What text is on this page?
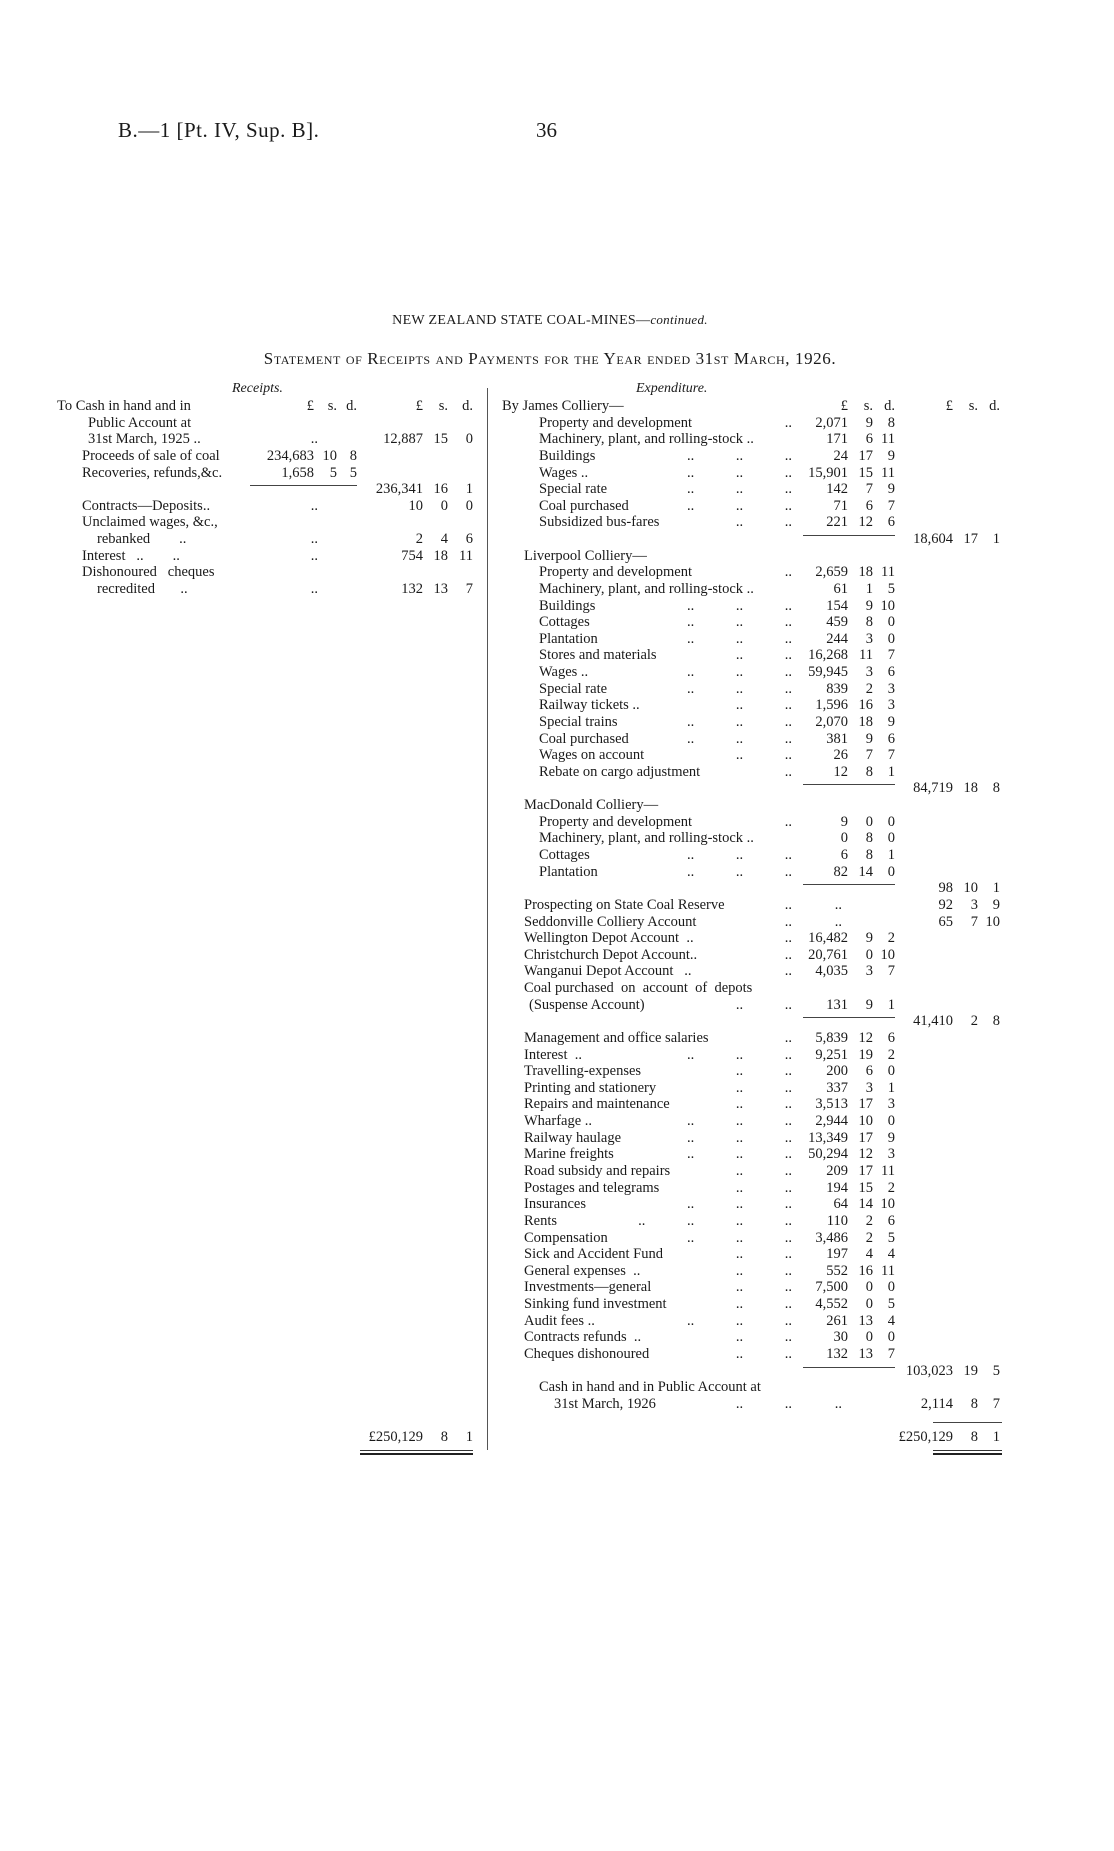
B.—1 [Pt. IV, Sup. B].	36
NEW ZEALAND STATE COAL-MINES—continued.
Statement of Receipts and Payments for the Year ended 31st March, 1926.
Receipts.	Expenditure.
To Cash in hand and in	£ s. d.	£	s. d.
Public Account at
31st March, 1925 ..	..	12,887 15	0
Proceeds of sale of coal	234,683 10 8
Recoveries, refunds,&c.	1,658	5 5
236,341 16	1
Contracts—Deposits..	..	10	0	0
Unclaimed wages, &c.,
rebanked        ..	..	2	4	6
Interest   ..        ..	..	754 18 11
Dishonoured   cheques
recredited       ..	..	132 13	7
£250,129	8	1
By James Colliery—	£	s. d.	£	s. d.
Property and development	..	2,071	9	8
Machinery, plant, and rolling-stock ..	171	6 11
Buildings	.. .. ..	24 17	9
Wages ..	.. .. ..	15,901 15 11
Special rate	.. .. ..	142	7	9
Coal purchased	.. .. ..	71	6	7
Subsidized bus-fares	.. ..	221 12	6
18,604 17	1
Liverpool Colliery—
Property and development	..	2,659 18 11
Machinery, plant, and rolling-stock ..	61	1	5
Buildings	.. .. ..	154	9 10
Cottages	.. .. ..	459	8	0
Plantation	.. .. ..	244	3	0
Stores and materials	.. ..	16,268 11	7
Wages ..	.. .. ..	59,945	3	6
Special rate	.. .. ..	839	2	3
Railway tickets ..	.. ..	1,596 16	3
Special trains	.. .. ..	2,070 18	9
Coal purchased	.. .. ..	381	9	6
Wages on account	.. ..	26	7	7
Rebate on cargo adjustment	..	12	8	1
84,719 18	8
MacDonald Colliery—
Property and development	..	9	0	0
Machinery, plant, and rolling-stock ..	0	8	0
Cottages	.. .. ..	6	8	1
Plantation	.. .. ..	82 14	0
98 10	1
Prospecting on State Coal Reserve	..	..	92	3	9
Seddonville Colliery Account	..	..	65	7 10
Wellington Depot Account  ..	..	16,482	9	2
Christchurch Depot Account..	..	20,761	0 10
Wanganui Depot Account   ..	..	4,035	3	7
Coal purchased  on  account  of  depots
(Suspense Account)	.. ..	131	9	1
41,410	2	8
Management and office salaries	..	5,839 12	6
Interest  ..	.. .. ..	9,251 19	2
Travelling-expenses	.. ..	200	6	0
Printing and stationery	.. ..	337	3	1
Repairs and maintenance	.. ..	3,513 17	3
Wharfage ..	.. .. ..	2,944 10	0
Railway haulage	.. .. ..	13,349 17	9
Marine freights	.. .. ..	50,294 12	3
Road subsidy and repairs	.. ..	209 17 11
Postages and telegrams	.. ..	194 15	2
Insurances	.. .. ..	64 14 10
Rents	.. .. .. ..	110	2	6
Compensation	.. .. ..	3,486	2	5
Sick and Accident Fund	.. ..	197	4	4
General expenses  ..	.. ..	552 16 11
Investments—general	.. ..	7,500	0	0
Sinking fund investment	.. ..	4,552	0	5
Audit fees ..	.. .. ..	261 13	4
Contracts refunds  ..	.. ..	30	0	0
Cheques dishonoured	.. ..	132 13	7
103,023 19	5
Cash in hand and in Public Account at
31st March, 1926	.. ..	..	2,114	8	7
£250,129	8	1
